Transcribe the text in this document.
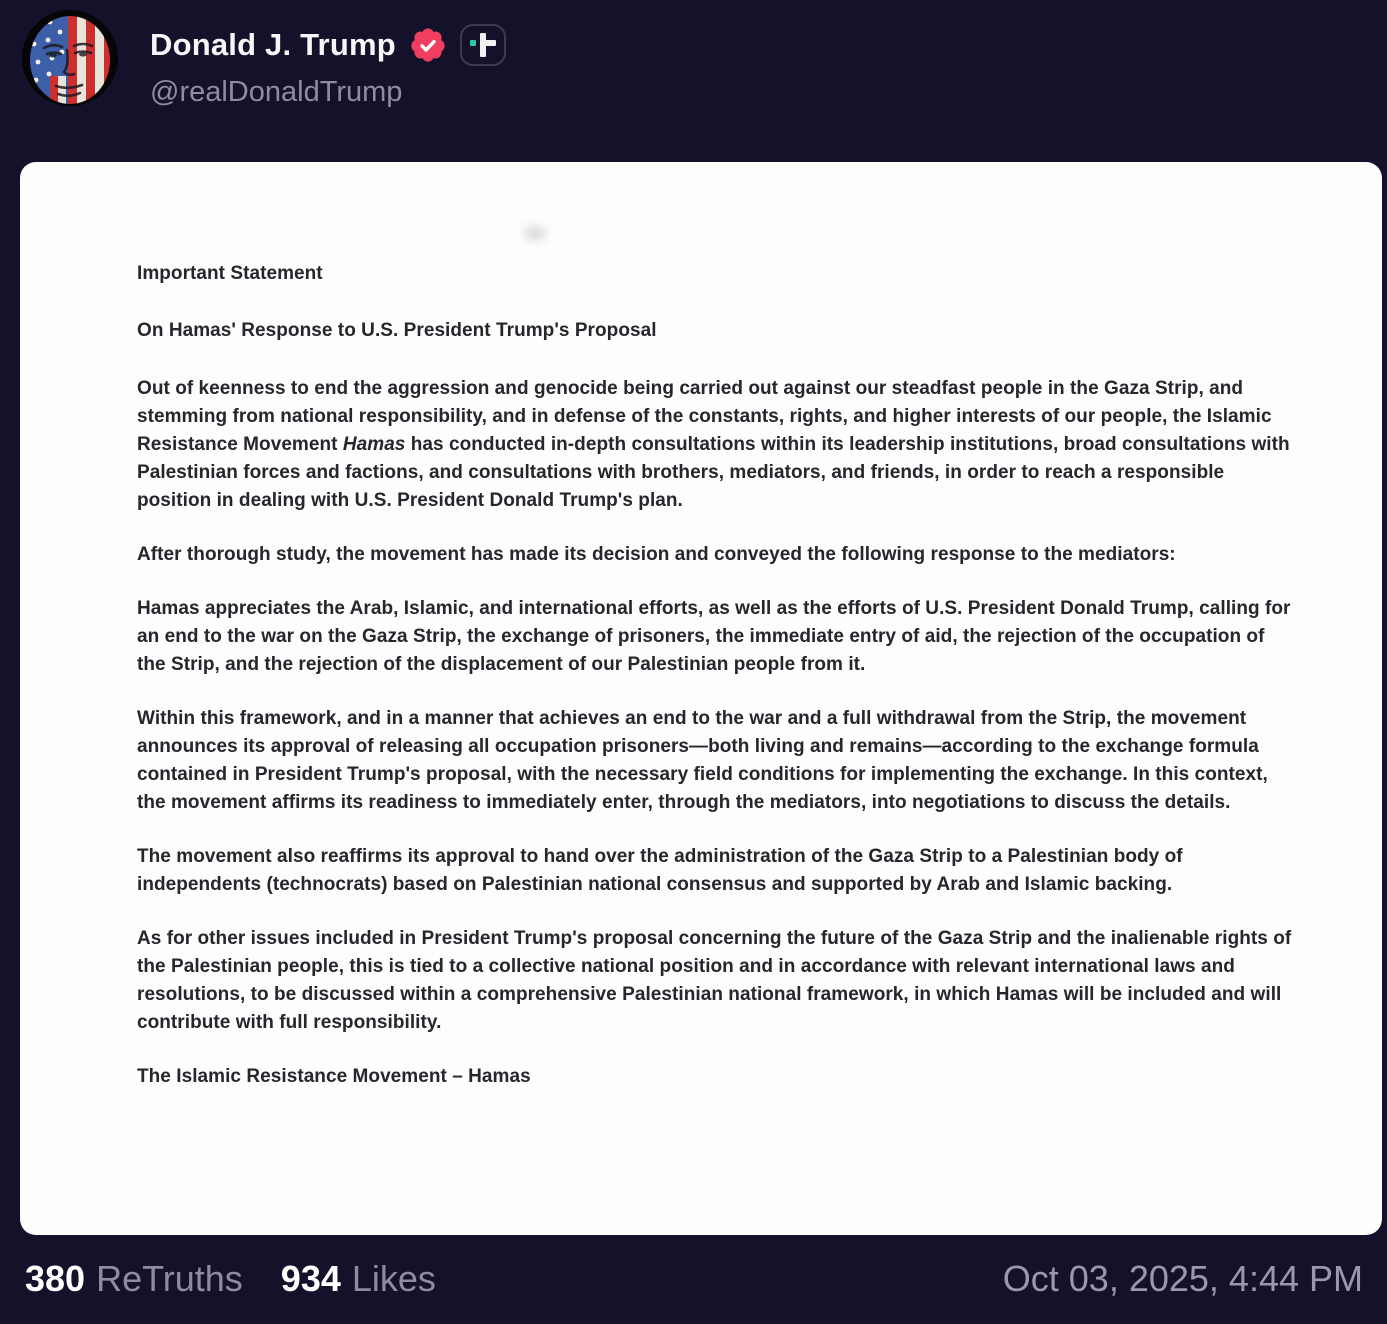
Donald J. Trump
@realDonaldTrump

Important Statement

On Hamas' Response to U.S. President Trump's Proposal

Out of keenness to end the aggression and genocide being carried out against our steadfast people in the Gaza Strip, and stemming from national responsibility, and in defense of the constants, rights, and higher interests of our people, the Islamic Resistance Movement Hamas has conducted in-depth consultations within its leadership institutions, broad consultations with Palestinian forces and factions, and consultations with brothers, mediators, and friends, in order to reach a responsible position in dealing with U.S. President Donald Trump's plan.

After thorough study, the movement has made its decision and conveyed the following response to the mediators:

Hamas appreciates the Arab, Islamic, and international efforts, as well as the efforts of U.S. President Donald Trump, calling for an end to the war on the Gaza Strip, the exchange of prisoners, the immediate entry of aid, the rejection of the occupation of the Strip, and the rejection of the displacement of our Palestinian people from it.

Within this framework, and in a manner that achieves an end to the war and a full withdrawal from the Strip, the movement announces its approval of releasing all occupation prisoners—both living and remains—according to the exchange formula contained in President Trump's proposal, with the necessary field conditions for implementing the exchange. In this context, the movement affirms its readiness to immediately enter, through the mediators, into negotiations to discuss the details.

The movement also reaffirms its approval to hand over the administration of the Gaza Strip to a Palestinian body of independents (technocrats) based on Palestinian national consensus and supported by Arab and Islamic backing.

As for other issues included in President Trump's proposal concerning the future of the Gaza Strip and the inalienable rights of the Palestinian people, this is tied to a collective national position and in accordance with relevant international laws and resolutions, to be discussed within a comprehensive Palestinian national framework, in which Hamas will be included and will contribute with full responsibility.

The Islamic Resistance Movement – Hamas

380 ReTruths 934 Likes	Oct 03, 2025, 4:44 PM
